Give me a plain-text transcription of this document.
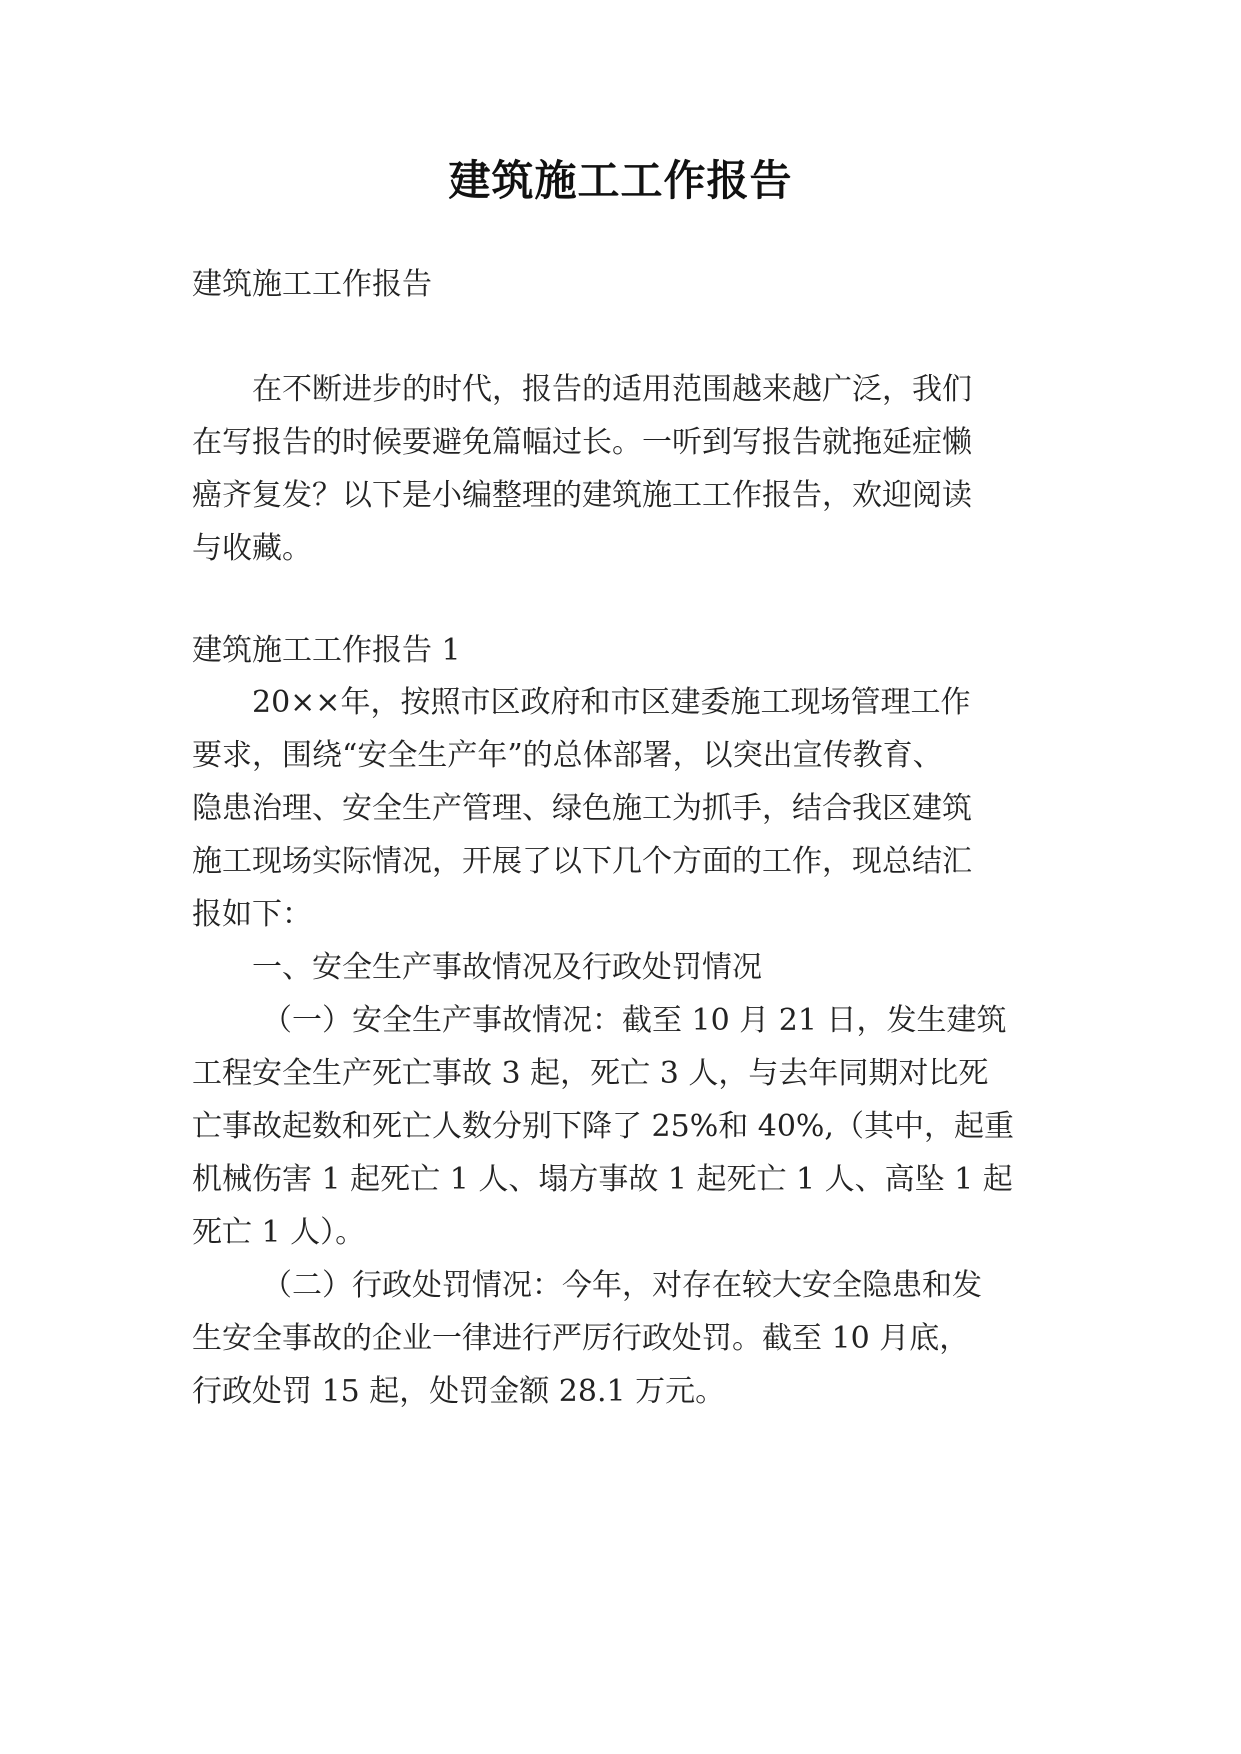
建筑施工工作报告

建筑施工工作报告

在不断进步的时代，报告的适用范围越来越广泛，我们

在写报告的时候要避免篇幅过长。一听到写报告就拖延症懒

癌齐复发？以下是小编整理的建筑施工工作报告，欢迎阅读

与收藏。

建筑施工工作报告 1

20××年，按照市区政府和市区建委施工现场管理工作

要求，围绕“安全生产年”的总体部署，以突出宣传教育、

隐患治理、安全生产管理、绿色施工为抓手，结合我区建筑

施工现场实际情况，开展了以下几个方面的工作，现总结汇

报如下：

一、安全生产事故情况及行政处罚情况

（一）安全生产事故情况：截至 10 月 21 日，发生建筑

工程安全生产死亡事故 3 起，死亡 3 人，与去年同期对比死

亡事故起数和死亡人数分别下降了 25%和 40%,（其中，起重

机械伤害 1 起死亡 1 人、塌方事故 1 起死亡 1 人、高坠 1 起

死亡 1 人）。

（二）行政处罚情况：今年，对存在较大安全隐患和发

生安全事故的企业一律进行严厉行政处罚。截至 10 月底，

行政处罚 15 起，处罚金额 28.1 万元。
